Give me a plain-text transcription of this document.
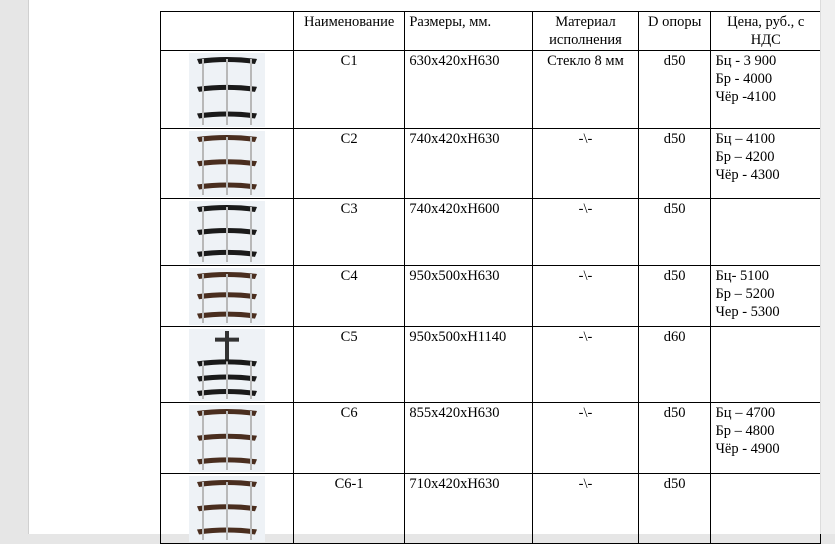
	Наименование	Размеры, мм.	Материал исполнения	D опоры	Цена, руб., с НДС

	C1	630x420xH630	Стекло 8 мм	d50	Бц - 3 900
Бр - 4000
Чёр -4100

	C2	740x420xH630	-\-	d50	Бц – 4100
Бр – 4200
Чёр - 4300

	C3	740x420xH600	-\-	d50	

	C4	950x500xH630	-\-	d50	Бц- 5100
Бр – 5200
Чер - 5300

	C5	950x500xH1140	-\-	d60	

	C6	855x420xH630	-\-	d50	Бц – 4700
Бр – 4800
Чёр - 4900

	C6-1	710x420xH630	-\-	d50	
